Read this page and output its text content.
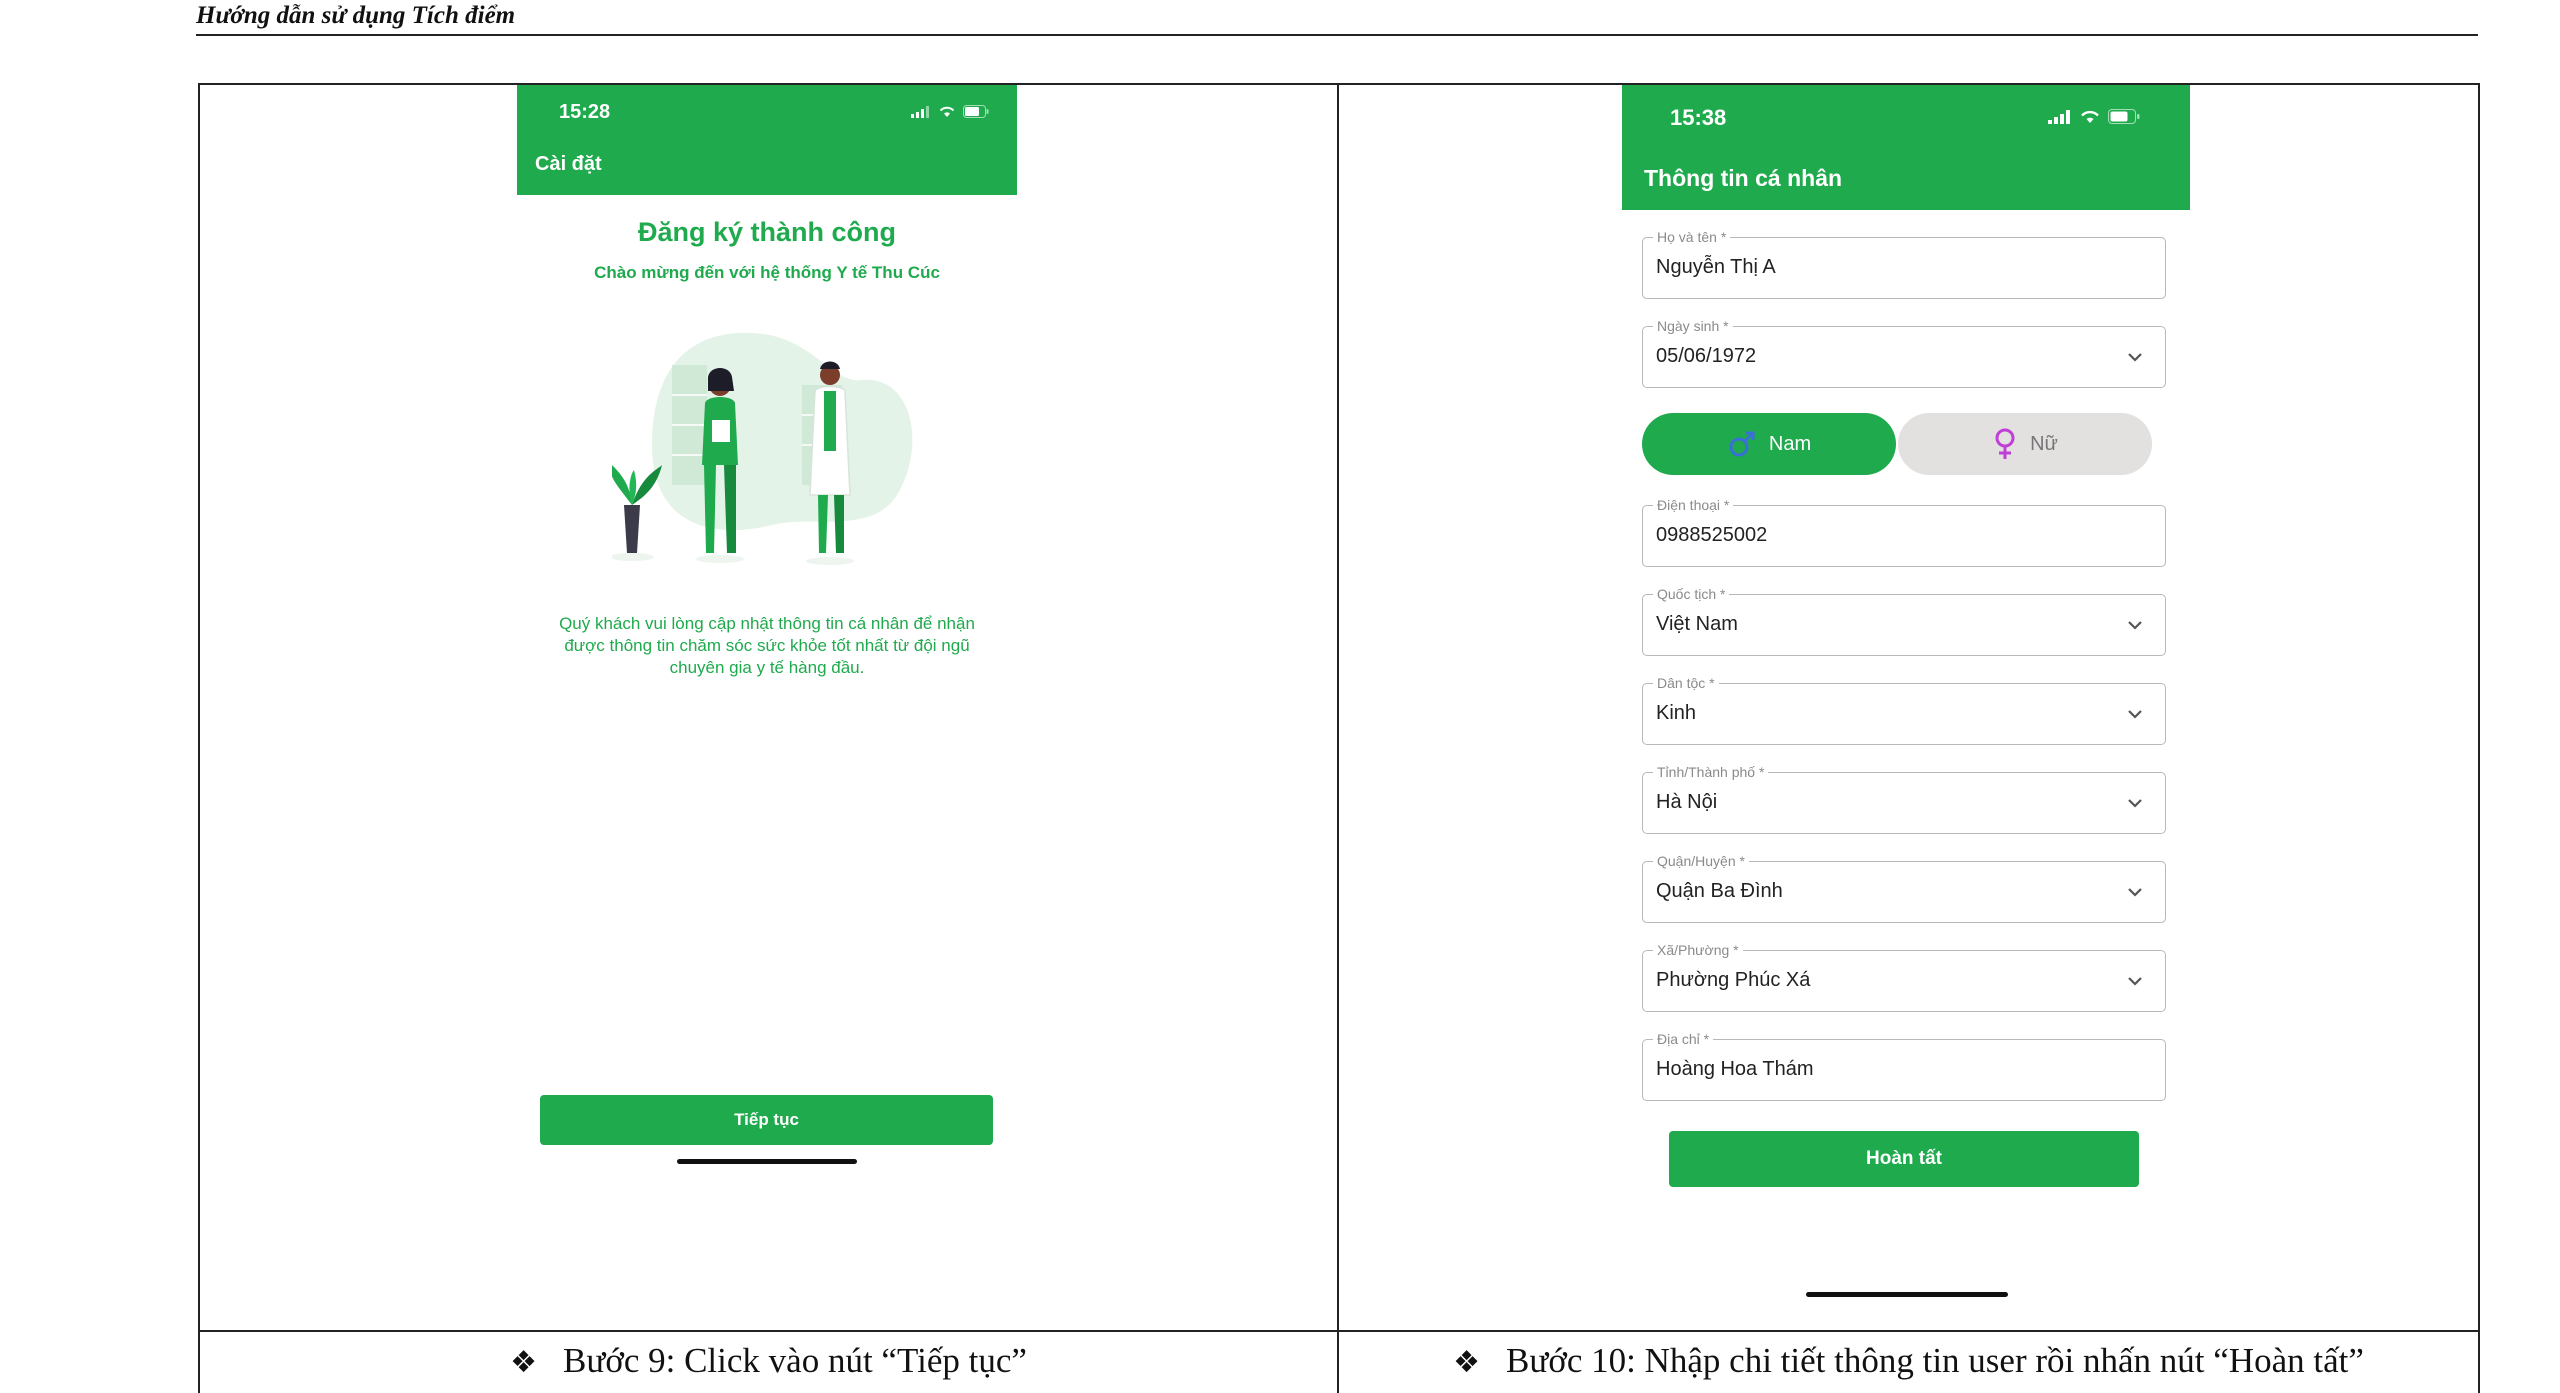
Hướng dẫn sử dụng Tích điểm
15:28
Cài đặt
Đăng ký thành công
Chào mừng đến với hệ thống Y tế Thu Cúc
Quý khách vui lòng cập nhật thông tin cá nhân để nhận được thông tin chăm sóc sức khỏe tốt nhất từ đội ngũ chuyên gia y tế hàng đầu.
Tiếp tục
15:38
Thông tin cá nhân
Họ và tên *
Nguyễn Thị A
Ngày sinh *
05/06/1972
Nam	Nữ
Điện thoại *
0988525002
Quốc tịch *
Việt Nam
Dân tộc *
Kinh
Tỉnh/Thành phố *
Hà Nội
Quận/Huyện *
Quận Ba Đình
Xã/Phường *
Phường Phúc Xá
Địa chỉ *
Hoàng Hoa Thám
Hoàn tất
❖ Bước 9: Click vào nút “Tiếp tục”	❖ Bước 10: Nhập chi tiết thông tin user rồi nhấn nút “Hoàn tất”
